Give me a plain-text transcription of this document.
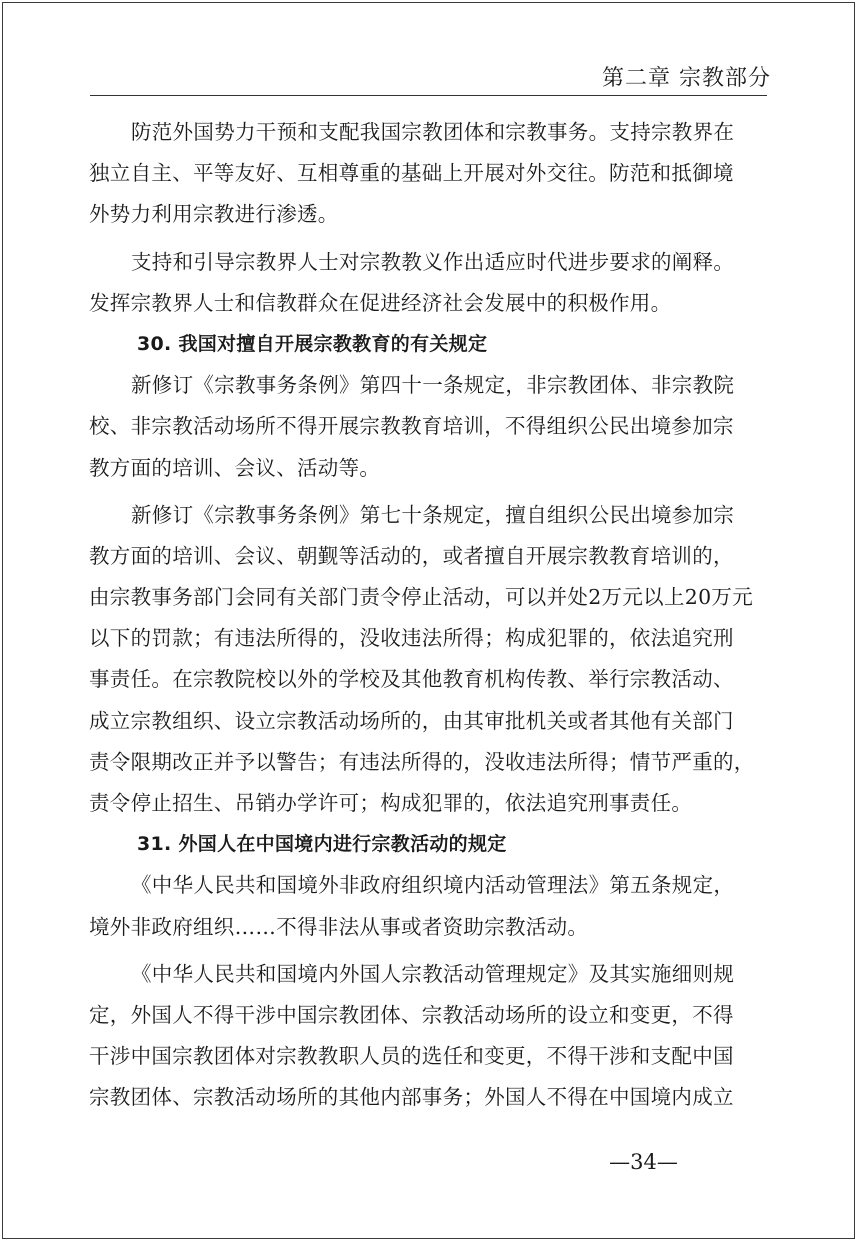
第二章 宗教部分
防范外国势力干预和支配我国宗教团体和宗教事务。支持宗教界在
独立自主、平等友好、互相尊重的基础上开展对外交往。防范和抵御境
外势力利用宗教进行渗透。
支持和引导宗教界人士对宗教教义作出适应时代进步要求的阐释。
发挥宗教界人士和信教群众在促进经济社会发展中的积极作用。
30. 我国对擅自开展宗教教育的有关规定
新修订《宗教事务条例》第四十一条规定，非宗教团体、非宗教院
校、非宗教活动场所不得开展宗教教育培训，不得组织公民出境参加宗
教方面的培训、会议、活动等。
新修订《宗教事务条例》第七十条规定，擅自组织公民出境参加宗
教方面的培训、会议、朝觐等活动的，或者擅自开展宗教教育培训的，
由宗教事务部门会同有关部门责令停止活动，可以并处2万元以上20万元
以下的罚款；有违法所得的，没收违法所得；构成犯罪的，依法追究刑
事责任。在宗教院校以外的学校及其他教育机构传教、举行宗教活动、
成立宗教组织、设立宗教活动场所的，由其审批机关或者其他有关部门
责令限期改正并予以警告；有违法所得的，没收违法所得；情节严重的，
责令停止招生、吊销办学许可；构成犯罪的，依法追究刑事责任。
31. 外国人在中国境内进行宗教活动的规定
《中华人民共和国境外非政府组织境内活动管理法》第五条规定，
境外非政府组织……不得非法从事或者资助宗教活动。
《中华人民共和国境内外国人宗教活动管理规定》及其实施细则规
定，外国人不得干涉中国宗教团体、宗教活动场所的设立和变更，不得
干涉中国宗教团体对宗教教职人员的选任和变更，不得干涉和支配中国
宗教团体、宗教活动场所的其他内部事务；外国人不得在中国境内成立
—34—
